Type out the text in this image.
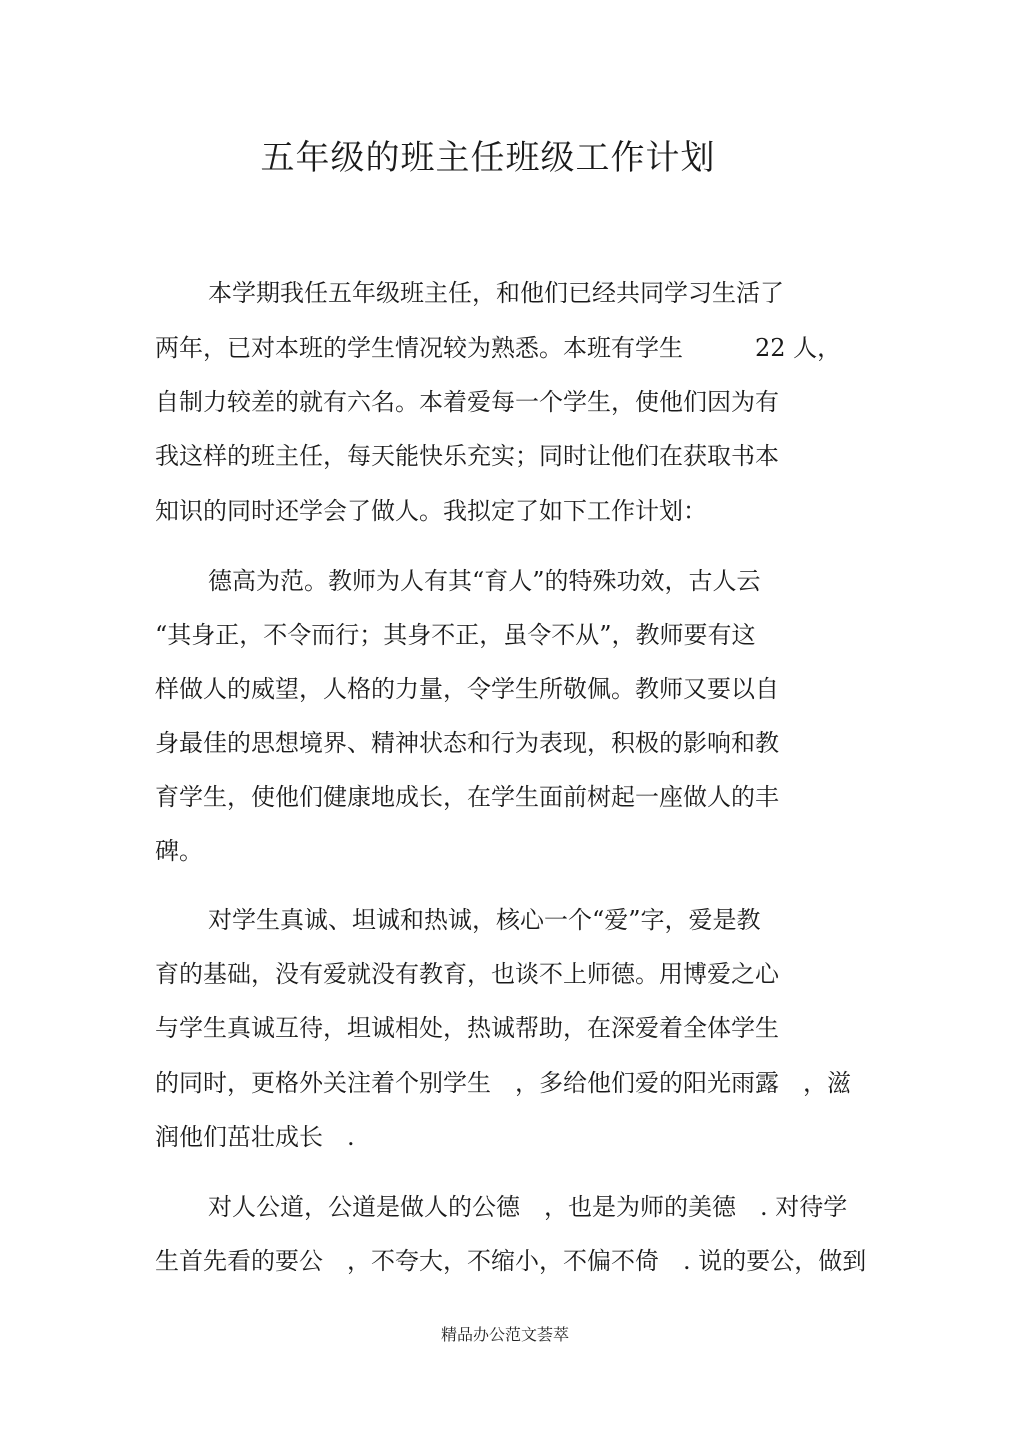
五年级的班主任班级工作计划

本学期我任五年级班主任，和他们已经共同学习生活了

两年，已对本班的学生情况较为熟悉。本班有学生　　　22 人，

自制力较差的就有六名。本着爱每一个学生，使他们因为有

我这样的班主任，每天能快乐充实；同时让他们在获取书本

知识的同时还学会了做人。我拟定了如下工作计划：

德高为范。教师为人有其“育人”的特殊功效，古人云

“其身正，不令而行；其身不正，虽令不从”，教师要有这

样做人的威望，人格的力量，令学生所敬佩。教师又要以自

身最佳的思想境界、精神状态和行为表现，积极的影响和教

育学生，使他们健康地成长，在学生面前树起一座做人的丰

碑。

对学生真诚、坦诚和热诚，核心一个“爱”字，爱是教

育的基础，没有爱就没有教育，也谈不上师德。用博爱之心

与学生真诚互待，坦诚相处，热诚帮助，在深爱着全体学生

的同时，更格外关注着个别学生　，多给他们爱的阳光雨露　，滋

润他们茁壮成长　.

对人公道，公道是做人的公德　，也是为师的美德　. 对待学

生首先看的要公　，不夸大，不缩小，不偏不倚　. 说的要公，做到

精品办公范文荟萃
